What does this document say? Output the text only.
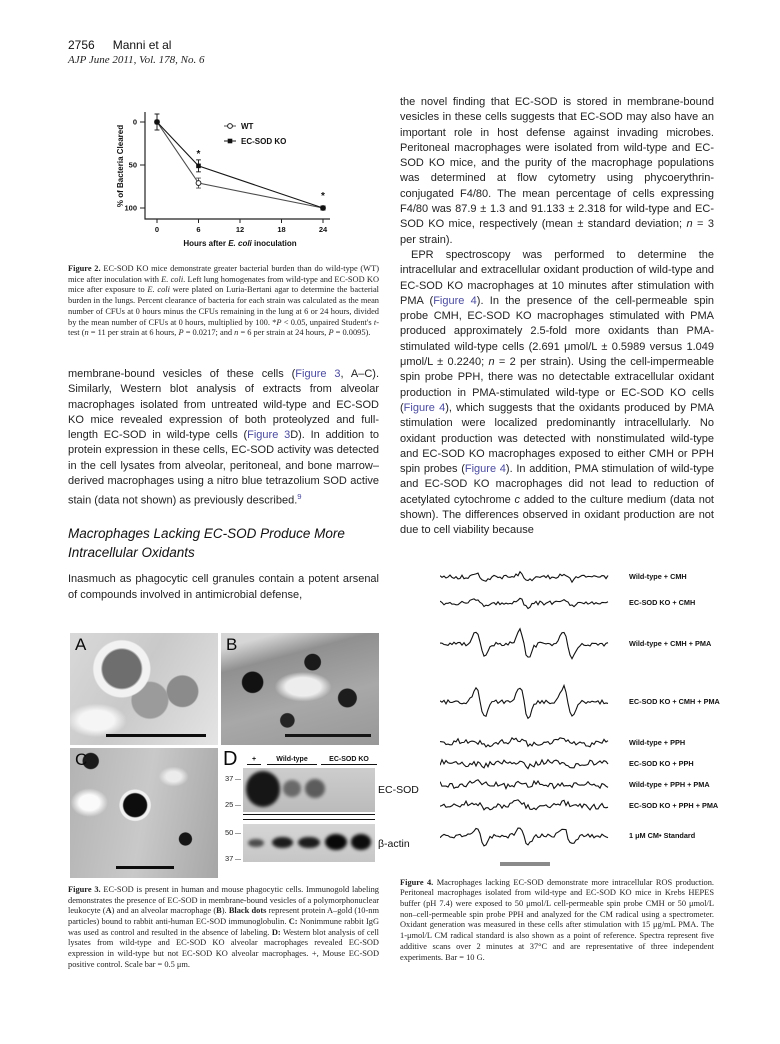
2756 Manni et al
AJP June 2011, Vol. 178, No. 6
0
50
100
0	6	12	18	24
% of Bacteria Cleared
Hours after E. coli inoculation
*
*
WT
EC-SOD KO
Figure 2. EC-SOD KO mice demonstrate greater bacterial burden than do wild-type (WT) mice after inoculation with E. coli. Left lung homogenates from wild-type and EC-SOD KO mice after exposure to E. coli were plated on Luria-Bertani agar to determine the bacterial burden in the lungs. Percent clearance of bacteria for each strain was calculated as the mean number of CFUs at 0 hours minus the CFUs remaining in the lung at 6 or 24 hours, divided by the mean number of CFUs at 0 hours, multiplied by 100. *P < 0.05, unpaired Student's t-test (n = 11 per strain at 6 hours, P = 0.0217; and n = 6 per strain at 24 hours, P = 0.0095).
membrane-bound vesicles of these cells (Figure 3, A–C). Similarly, Western blot analysis of extracts from alveolar macrophages isolated from untreated wild-type and EC-SOD KO mice revealed expression of both proteolyzed and full-length EC-SOD in wild-type cells (Figure 3D). In addition to protein expression in these cells, EC-SOD activity was detected in the cell lysates from alveolar, peritoneal, and bone marrow–derived macrophages using a nitro blue tetrazolium SOD active stain (data not shown) as previously described.$^9$
Macrophages Lacking EC-SOD Produce More Intracellular Oxidants
Inasmuch as phagocytic cell granules contain a potent arsenal of compounds involved in antimicrobial defense,
A	B
C	D	+	Wild-type	EC-SOD KO
37 —
25 —
EC-SOD
50 —
37 —
β-actin
Figure 3. EC-SOD is present in human and mouse phagocytic cells. Immunogold labeling demonstrates the presence of EC-SOD in membrane-bound vesicles of a polymorphonuclear leukocyte (A) and an alveolar macrophage (B). Black dots represent protein A–gold (10-nm particles) bound to rabbit anti-human EC-SOD immunoglobulin. C: Nonimmune rabbit IgG was used as control and resulted in the absence of labeling. D: Western blot analysis of cell lysates from wild-type and EC-SOD KO alveolar macrophages revealed EC-SOD expression in wild-type but not EC-SOD KO alveolar macrophages. +, Mouse EC-SOD positive control. Scale bar = 0.5 μm.
the novel finding that EC-SOD is stored in membrane-bound vesicles in these cells suggests that EC-SOD may also have an important role in host defense against invading microbes. Peritoneal macrophages were isolated from wild-type and EC-SOD KO mice, and the purity of the macrophage populations was determined at flow cytometry using phycoerythrin-conjugated F4/80. The mean percentage of cells expressing F4/80 was 87.9 ± 1.3 and 91.133 ± 2.318 for wild-type and EC-SOD KO mice, respectively (mean ± standard deviation; n = 3 per strain).
EPR spectroscopy was performed to determine the intracellular and extracellular oxidant production of wild-type and EC-SOD KO macrophages at 10 minutes after stimulation with PMA (Figure 4). In the presence of the cell-permeable spin probe CMH, EC-SOD KO macrophages stimulated with PMA produced approximately 2.5-fold more oxidants than PMA-stimulated wild-type cells (2.691 μmol/L ± 0.5989 versus 1.049 μmol/L ± 0.2240; n = 2 per strain). Using the cell-impermeable spin probe PPH, there was no detectable extracellular oxidant production in PMA-stimulated wild-type or EC-SOD KO cells (Figure 4), which suggests that the oxidants produced by PMA stimulation were localized predominantly intracellularly. No oxidant production was detected with nonstimulated wild-type and EC-SOD KO macrophages exposed to either CMH or PPH spin probes (Figure 4). In addition, PMA stimulation of wild-type and EC-SOD KO macrophages did not lead to reduction of acetylated cytochrome c added to the culture medium (data not shown). The differences observed in oxidant production are not due to cell viability because
Wild-type + CMH
EC-SOD KO + CMH
Wild-type + CMH + PMA
EC-SOD KO + CMH + PMA
Wild-type + PPH
EC-SOD KO + PPH
Wild-type + PPH + PMA
EC-SOD KO + PPH + PMA
1 μM CM• Standard
Figure 4. Macrophages lacking EC-SOD demonstrate more intracellular ROS production. Peritoneal macrophages isolated from wild-type and EC-SOD KO mice in Krebs HEPES buffer (pH 7.4) were exposed to 50 μmol/L cell-permeable spin probe CMH or 50 μmol/L non–cell-permeable spin probe PPH and analyzed for the CM radical using a spectrometer. Oxidant generation was measured in these cells after stimulation with 15 μg/mL PMA. The 1-μmol/L CM radical standard is also shown as a point of reference. Spectra represent five additive scans over 2 minutes at 37°C and are representative of three independent experiments. Bar = 10 G.
